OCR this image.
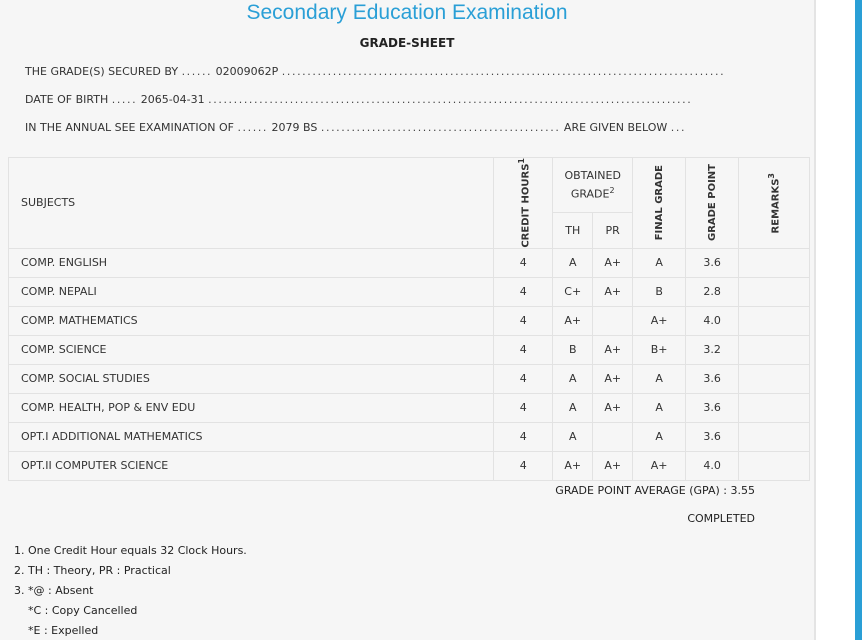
Secondary Education Examination
GRADE-SHEET
THE GRADE(S) SECURED BY ...... 02009062P .......................................................................................
DATE OF BIRTH ..... 2065-04-31 ...............................................................................................
IN THE ANNUAL SEE EXAMINATION OF ...... 2079 BS ............................................... ARE GIVEN BELOW ...
SUBJECTS	CREDIT HOURS$^1$	OBTAINED GRADE$^2$		FINAL GRADE	GRADE POINT	REMARKS$^3$

		TH	PR			
COMP. ENGLISH	4	A	A+	A	3.6	
COMP. NEPALI	4	C+	A+	B	2.8	
COMP. MATHEMATICS	4	A+		A+	4.0	
COMP. SCIENCE	4	B	A+	B+	3.2	
COMP. SOCIAL STUDIES	4	A	A+	A	3.6	
COMP. HEALTH, POP & ENV EDU	4	A	A+	A	3.6	
OPT.I ADDITIONAL MATHEMATICS	4	A		A	3.6	
OPT.II COMPUTER SCIENCE	4	A+	A+	A+	4.0	
GRADE POINT AVERAGE (GPA) : 3.55
COMPLETED
1. One Credit Hour equals 32 Clock Hours.
2. TH : Theory, PR : Practical
3. *@ : Absent
*C : Copy Cancelled
*E : Expelled
